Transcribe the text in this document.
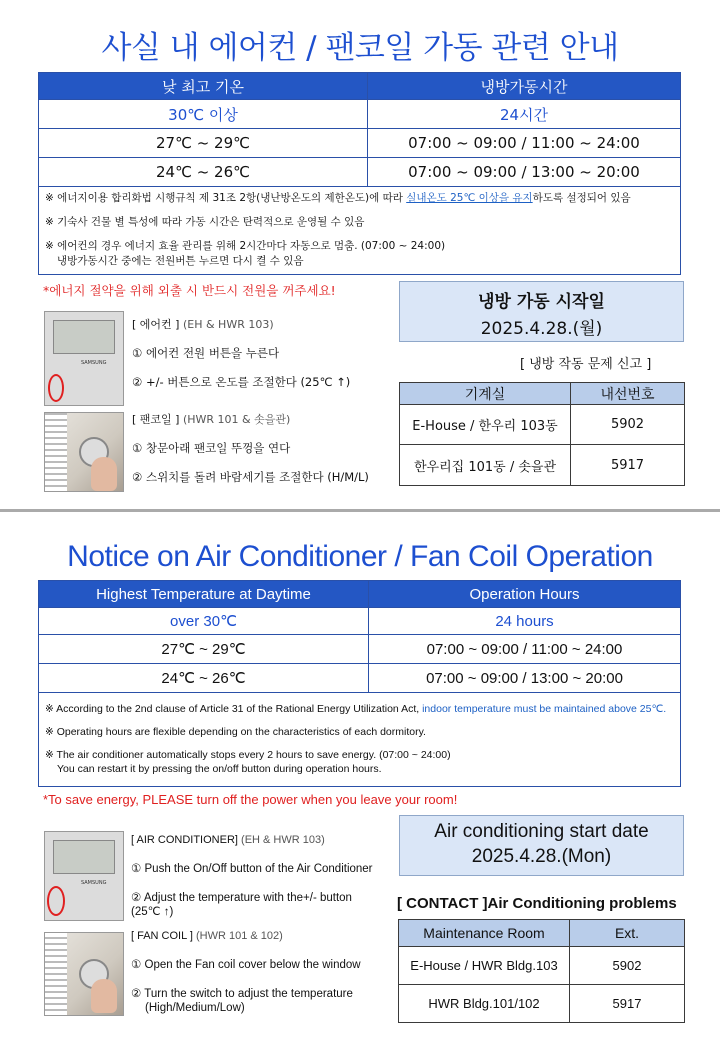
사실 내 에어컨 / 팬코일 가동 관련 안내
낮 최고 기온	냉방가동시간
30℃ 이상	24시간
27℃ ~ 29℃	07:00 ~ 09:00 / 11:00 ~ 24:00
24℃ ~ 26℃	07:00 ~ 09:00 / 13:00 ~ 20:00

※ 에너지이용 합리화법 시행규칙 제 31조 2항(냉난방온도의 제한온도)에 따라 실내온도 25℃ 이상을 유지하도록 설정되어 있음

※ 기숙사 건물 별 특성에 따라 가동 시간은 탄력적으로 운영될 수 있음

※ 에어컨의 경우 에너지 효율 관리를 위해 2시간마다 자동으로 멈춤. (07:00 ~ 24:00)

냉방가동시간 중에는 전원버튼 누르면 다시 켤 수 있음	

*에너지 절약을 위해 외출 시 반드시 전원을 꺼주세요!
SAMSUNG
[ 에어컨 ] (EH & HWR 103)
① 에어컨 전원 버튼을 누른다
② +/- 버튼으로 온도를 조절한다 (25℃ ↑)
[ 팬코일 ] (HWR 101 & 솟을관)
① 창문아래 팬코일 뚜껑을 연다
② 스위치를 돌려 바람세기를 조절한다 (H/M/L)
냉방 가동 시작일
2025.4.28.(월)
[ 냉방 작동 문제 신고 ]
기계실	내선번호
E-House / 한우리 103동	5902
한우리집 101동 / 솟을관	5917
Notice on Air Conditioner / Fan Coil Operation
Highest Temperature at Daytime	Operation Hours
over 30℃	24 hours
27℃ ~ 29℃	07:00 ~ 09:00 / 11:00 ~ 24:00
24℃ ~ 26℃	07:00 ~ 09:00 / 13:00 ~ 20:00

※ According to the 2nd clause of Article 31 of the Rational Energy Utilization Act, indoor temperature must be maintained above 25℃.

※ Operating hours are flexible depending on the characteristics of each dormitory.

※ The air conditioner automatically stops every 2 hours to save energy. (07:00 ~ 24:00)

You can restart it by pressing the on/off button during operation hours.	

*To save energy, PLEASE turn off the power when you leave your room!
SAMSUNG
[ AIR CONDITIONER] (EH & HWR 103)
① Push the On/Off button of the Air Conditioner
② Adjust the temperature with the+/- button
(25℃ ↑)
[ FAN COIL ] (HWR 101 & 102)
① Open the Fan coil cover below the window
② Turn the switch to adjust the temperature
(High/Medium/Low)
Air conditioning start date
2025.4.28.(Mon)
[ CONTACT ]Air Conditioning problems
Maintenance Room	Ext.
E-House / HWR Bldg.103	5902
HWR Bldg.101/102	5917
